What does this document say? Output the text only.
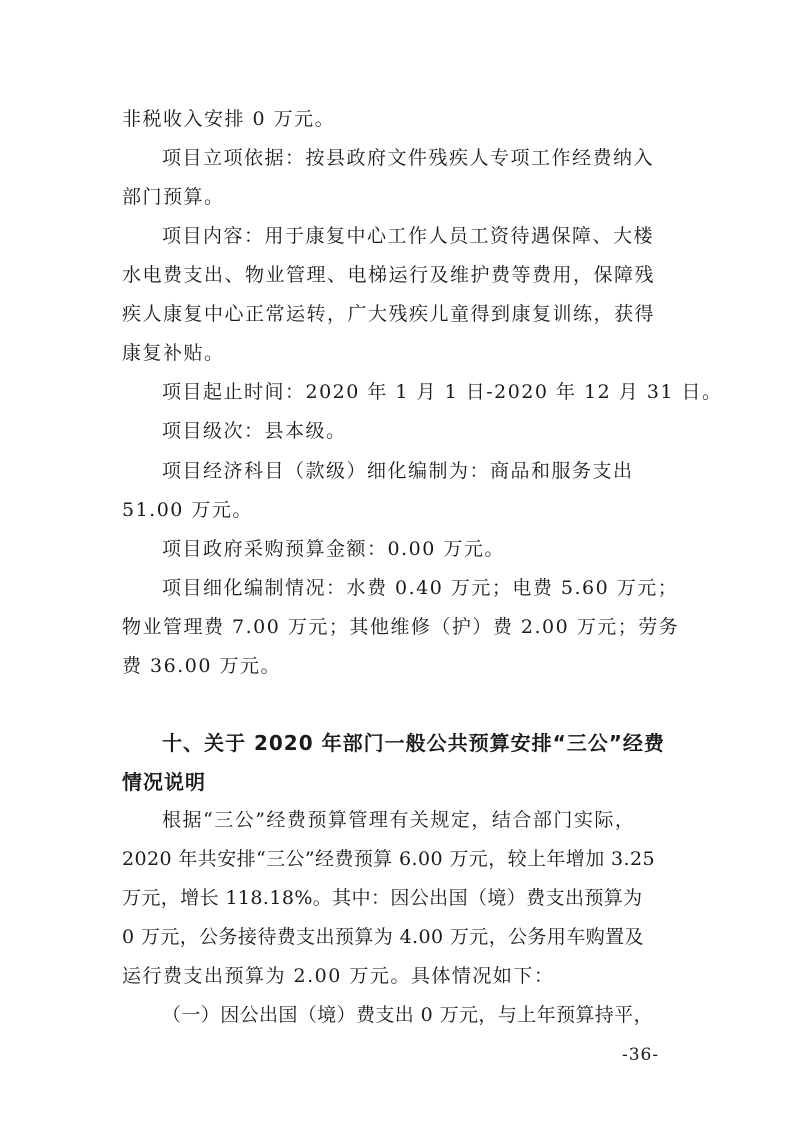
非税收入安排 0 万元。
项目立项依据：按县政府文件残疾人专项工作经费纳入
部门预算。
项目内容：用于康复中心工作人员工资待遇保障、大楼
水电费支出、物业管理、电梯运行及维护费等费用，保障残
疾人康复中心正常运转，广大残疾儿童得到康复训练，获得
康复补贴。
项目起止时间：2020 年 1 月 1 日-2020 年 12 月 31 日。
项目级次：县本级。
项目经济科目（款级）细化编制为：商品和服务支出
51.00 万元。
项目政府采购预算金额：0.00 万元。
项目细化编制情况：水费 0.40 万元；电费 5.60 万元；
物业管理费 7.00 万元；其他维修（护）费 2.00 万元；劳务
费 36.00 万元。
十、关于 2020 年部门一般公共预算安排“三公”经费
情况说明
根据“三公”经费预算管理有关规定，结合部门实际，
2020 年共安排“三公”经费预算 6.00 万元，较上年增加 3.25
万元，增长 118.18%。其中：因公出国（境）费支出预算为
0 万元，公务接待费支出预算为 4.00 万元，公务用车购置及
运行费支出预算为 2.00 万元。具体情况如下：
（一）因公出国（境）费支出 0 万元，与上年预算持平，
-36-
